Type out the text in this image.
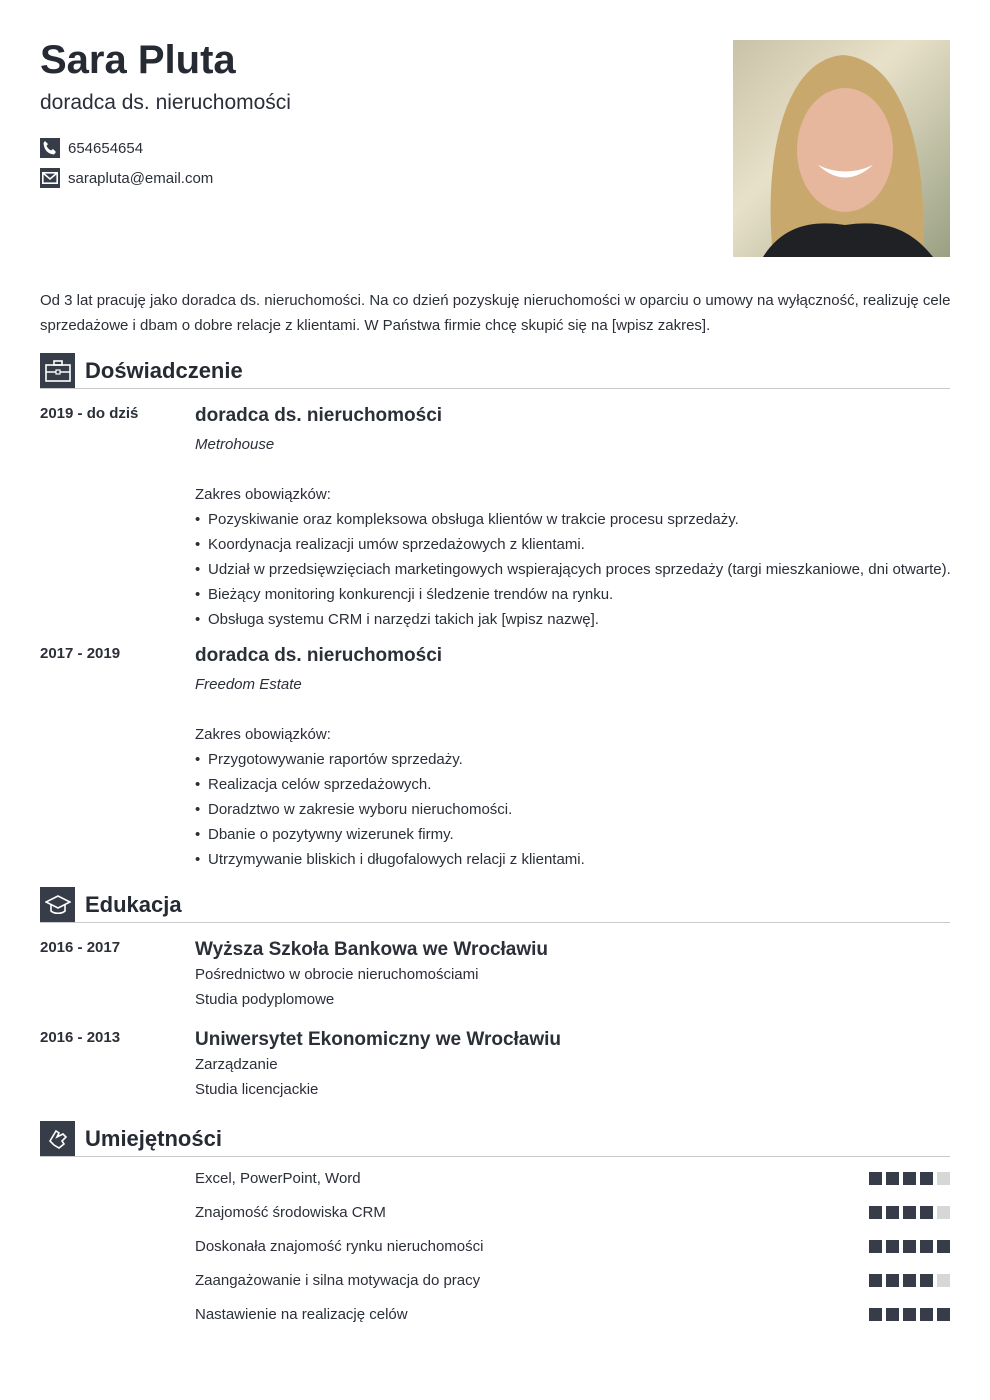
Sara Pluta
doradca ds. nieruchomości
654654654
sarapluta@email.com
Od 3 lat pracuję jako doradca ds. nieruchomości. Na co dzień pozyskuję nieruchomości w oparciu o umowy na wyłączność, realizuję cele sprzedażowe i dbam o dobre relacje z klientami. W Państwa firmie chcę skupić się na [wpisz zakres].
Doświadczenie
2019 - do dziś	doradca ds. nieruchomości
Metrohouse
Zakres obowiązków:
• Pozyskiwanie oraz kompleksowa obsługa klientów w trakcie procesu sprzedaży.
• Koordynacja realizacji umów sprzedażowych z klientami.
• Udział w przedsięwzięciach marketingowych wspierających proces sprzedaży (targi mieszkaniowe, dni otwarte).
• Bieżący monitoring konkurencji i śledzenie trendów na rynku.
• Obsługa systemu CRM i narzędzi takich jak [wpisz nazwę].
2017 - 2019	doradca ds. nieruchomości
Freedom Estate
Zakres obowiązków:
• Przygotowywanie raportów sprzedaży.
• Realizacja celów sprzedażowych.
• Doradztwo w zakresie wyboru nieruchomości.
• Dbanie o pozytywny wizerunek firmy.
• Utrzymywanie bliskich i długofalowych relacji z klientami.
Edukacja
2016 - 2017	Wyższa Szkoła Bankowa we Wrocławiu
Pośrednictwo w obrocie nieruchomościami
Studia podyplomowe
2016 - 2013	Uniwersytet Ekonomiczny we Wrocławiu
Zarządzanie
Studia licencjackie
Umiejętności
Excel, PowerPoint, Word
Znajomość środowiska CRM
Doskonała znajomość rynku nieruchomości
Zaangażowanie i silna motywacja do pracy
Nastawienie na realizację celów
